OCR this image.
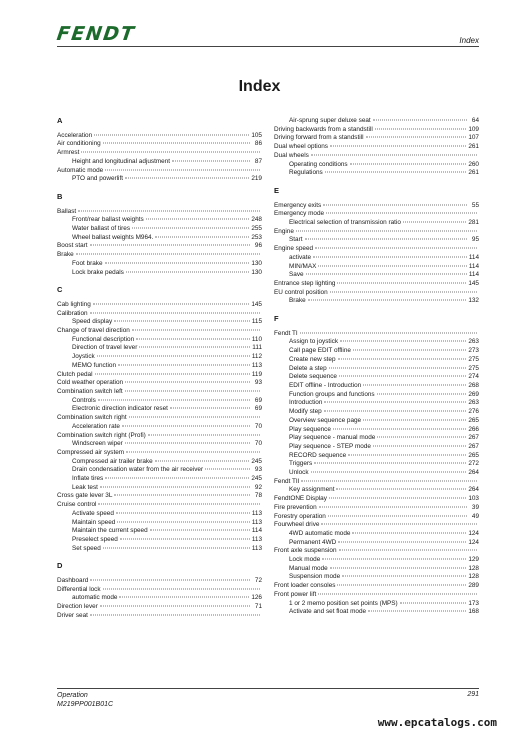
FENDT	Index
Index
A
Acceleration	105
Air conditioning	86
Armrest
Height and longitudinal adjustment	87
Automatic mode
PTO and powerlift	219
B
Ballast
Front/rear ballast weights	248
Water ballast of tires	255
Wheel ballast weights M964.	253
Boost start	96
Brake
Foot brake	130
Lock brake pedals	130
C
Cab lighting	145
Calibration
Speed display	115
Change of travel direction
Functional description	110
Direction of travel lever	111
Joystick	112
MEMO function	113
Clutch pedal	119
Cold weather operation	93
Combination switch left
Controls	69
Electronic direction indicator reset	69
Combination switch right
Acceleration rate	70
Combination switch right (Profi)
Windscreen wiper	70
Compressed air system
Compressed air trailer brake	245
Drain condensation water from the air receiver	93
Inflate tires	245
Leak test	92
Cross gate lever 3L	78
Cruise control
Activate speed	113
Maintain speed	113
Maintain the current speed	114
Preselect speed	113
Set speed	113
D
Dashboard	72
Differential lock
automatic mode	126
Direction lever	71
Driver seat
Air-sprung super deluxe seat	64
Driving backwards from a standstill	109
Driving forward from a standstill	107
Dual wheel options	261
Dual wheels
Operating conditions	260
Regulations	261
E
Emergency exits	55
Emergency mode
Electrical selection of transmission ratio	281
Engine
Start	95
Engine speed
activate	114
MIN/MAX	114
Save	114
Entrance step lighting	145
EU control position
Brake	132
F
Fendt TI
Assign to joystick	263
Call page EDIT offline	273
Create new step	275
Delete a step	275
Delete sequence	274
EDIT offline - Introduction	268
Function groups and functions	269
Introduction	263
Modify step	276
Overview sequence page	265
Play sequence	266
Play sequence - manual mode	267
Play sequence - STEP mode	267
RECORD sequence	265
Triggers	272
Unlock	264
Fendt TII
Key assignment	264
FendtONE Display	103
Fire prevention	39
Forestry operation	49
Fourwheel drive
4WD automatic mode	124
Permanent 4WD	124
Front axle suspension
Lock mode	129
Manual mode	128
Suspension mode	128
Front loader consoles	289
Front power lift
1 or 2 memo position set points (MPS)	173
Activate and set float mode	168
Operation
M219PP001B01C
291
www.epcatalogs.com
